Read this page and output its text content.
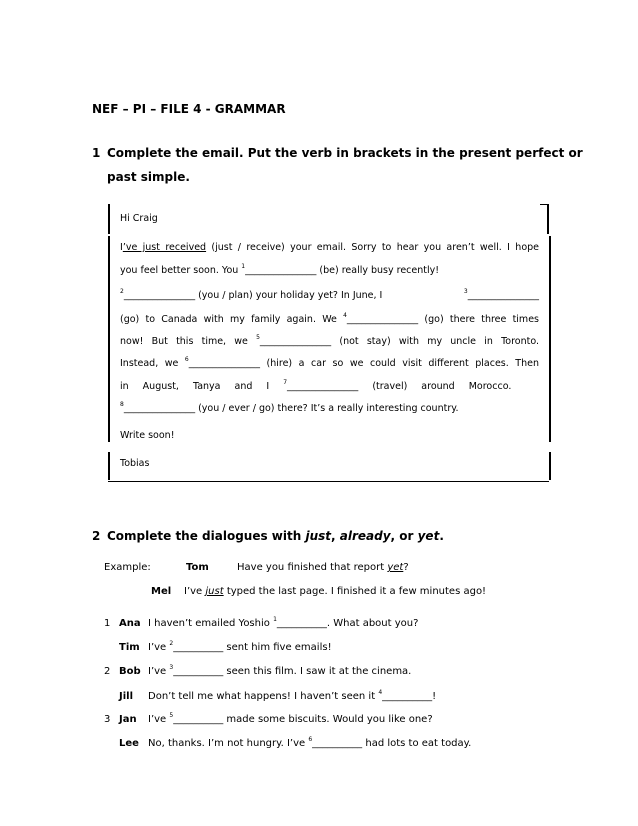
NEF – PI – FILE 4 - GRAMMAR
1 Complete the email. Put the verb in brackets in the present perfect or
past simple.
Hi Craig
I’ve just received (just / receive) your email. Sorry to hear you aren’t well. I hope
you feel better soon. You $^1$_______________ (be) really busy recently!
$^2$_______________ (you / plan) your holiday yet? In June, I	$^3$_______________
(go) to Canada with my family again. We $^4$_______________ (go) there three times
now! But this time, we $^5$_______________ (not stay) with my uncle in Toronto.
Instead, we $^6$_______________ (hire) a car so we could visit different places. Then
in August, Tanya and I $^7$_______________ (travel) around Morocco.
$^8$_______________ (you / ever / go) there? It’s a really interesting country.
Write soon!
Tobias
2 Complete the dialogues with just, already, or yet.
Example:	Tom	Have you finished that report yet?
Mel I’ve just typed the last page. I finished it a few minutes ago!
1 Ana I haven’t emailed Yoshio $^1$__________. What about you?
Tim I’ve $^2$__________ sent him five emails!
2 Bob I’ve $^3$__________ seen this film. I saw it at the cinema.
Jill Don’t tell me what happens! I haven’t seen it $^4$__________!
3 Jan I’ve $^5$__________ made some biscuits. Would you like one?
Lee No, thanks. I’m not hungry. I’ve $^6$__________ had lots to eat today.
